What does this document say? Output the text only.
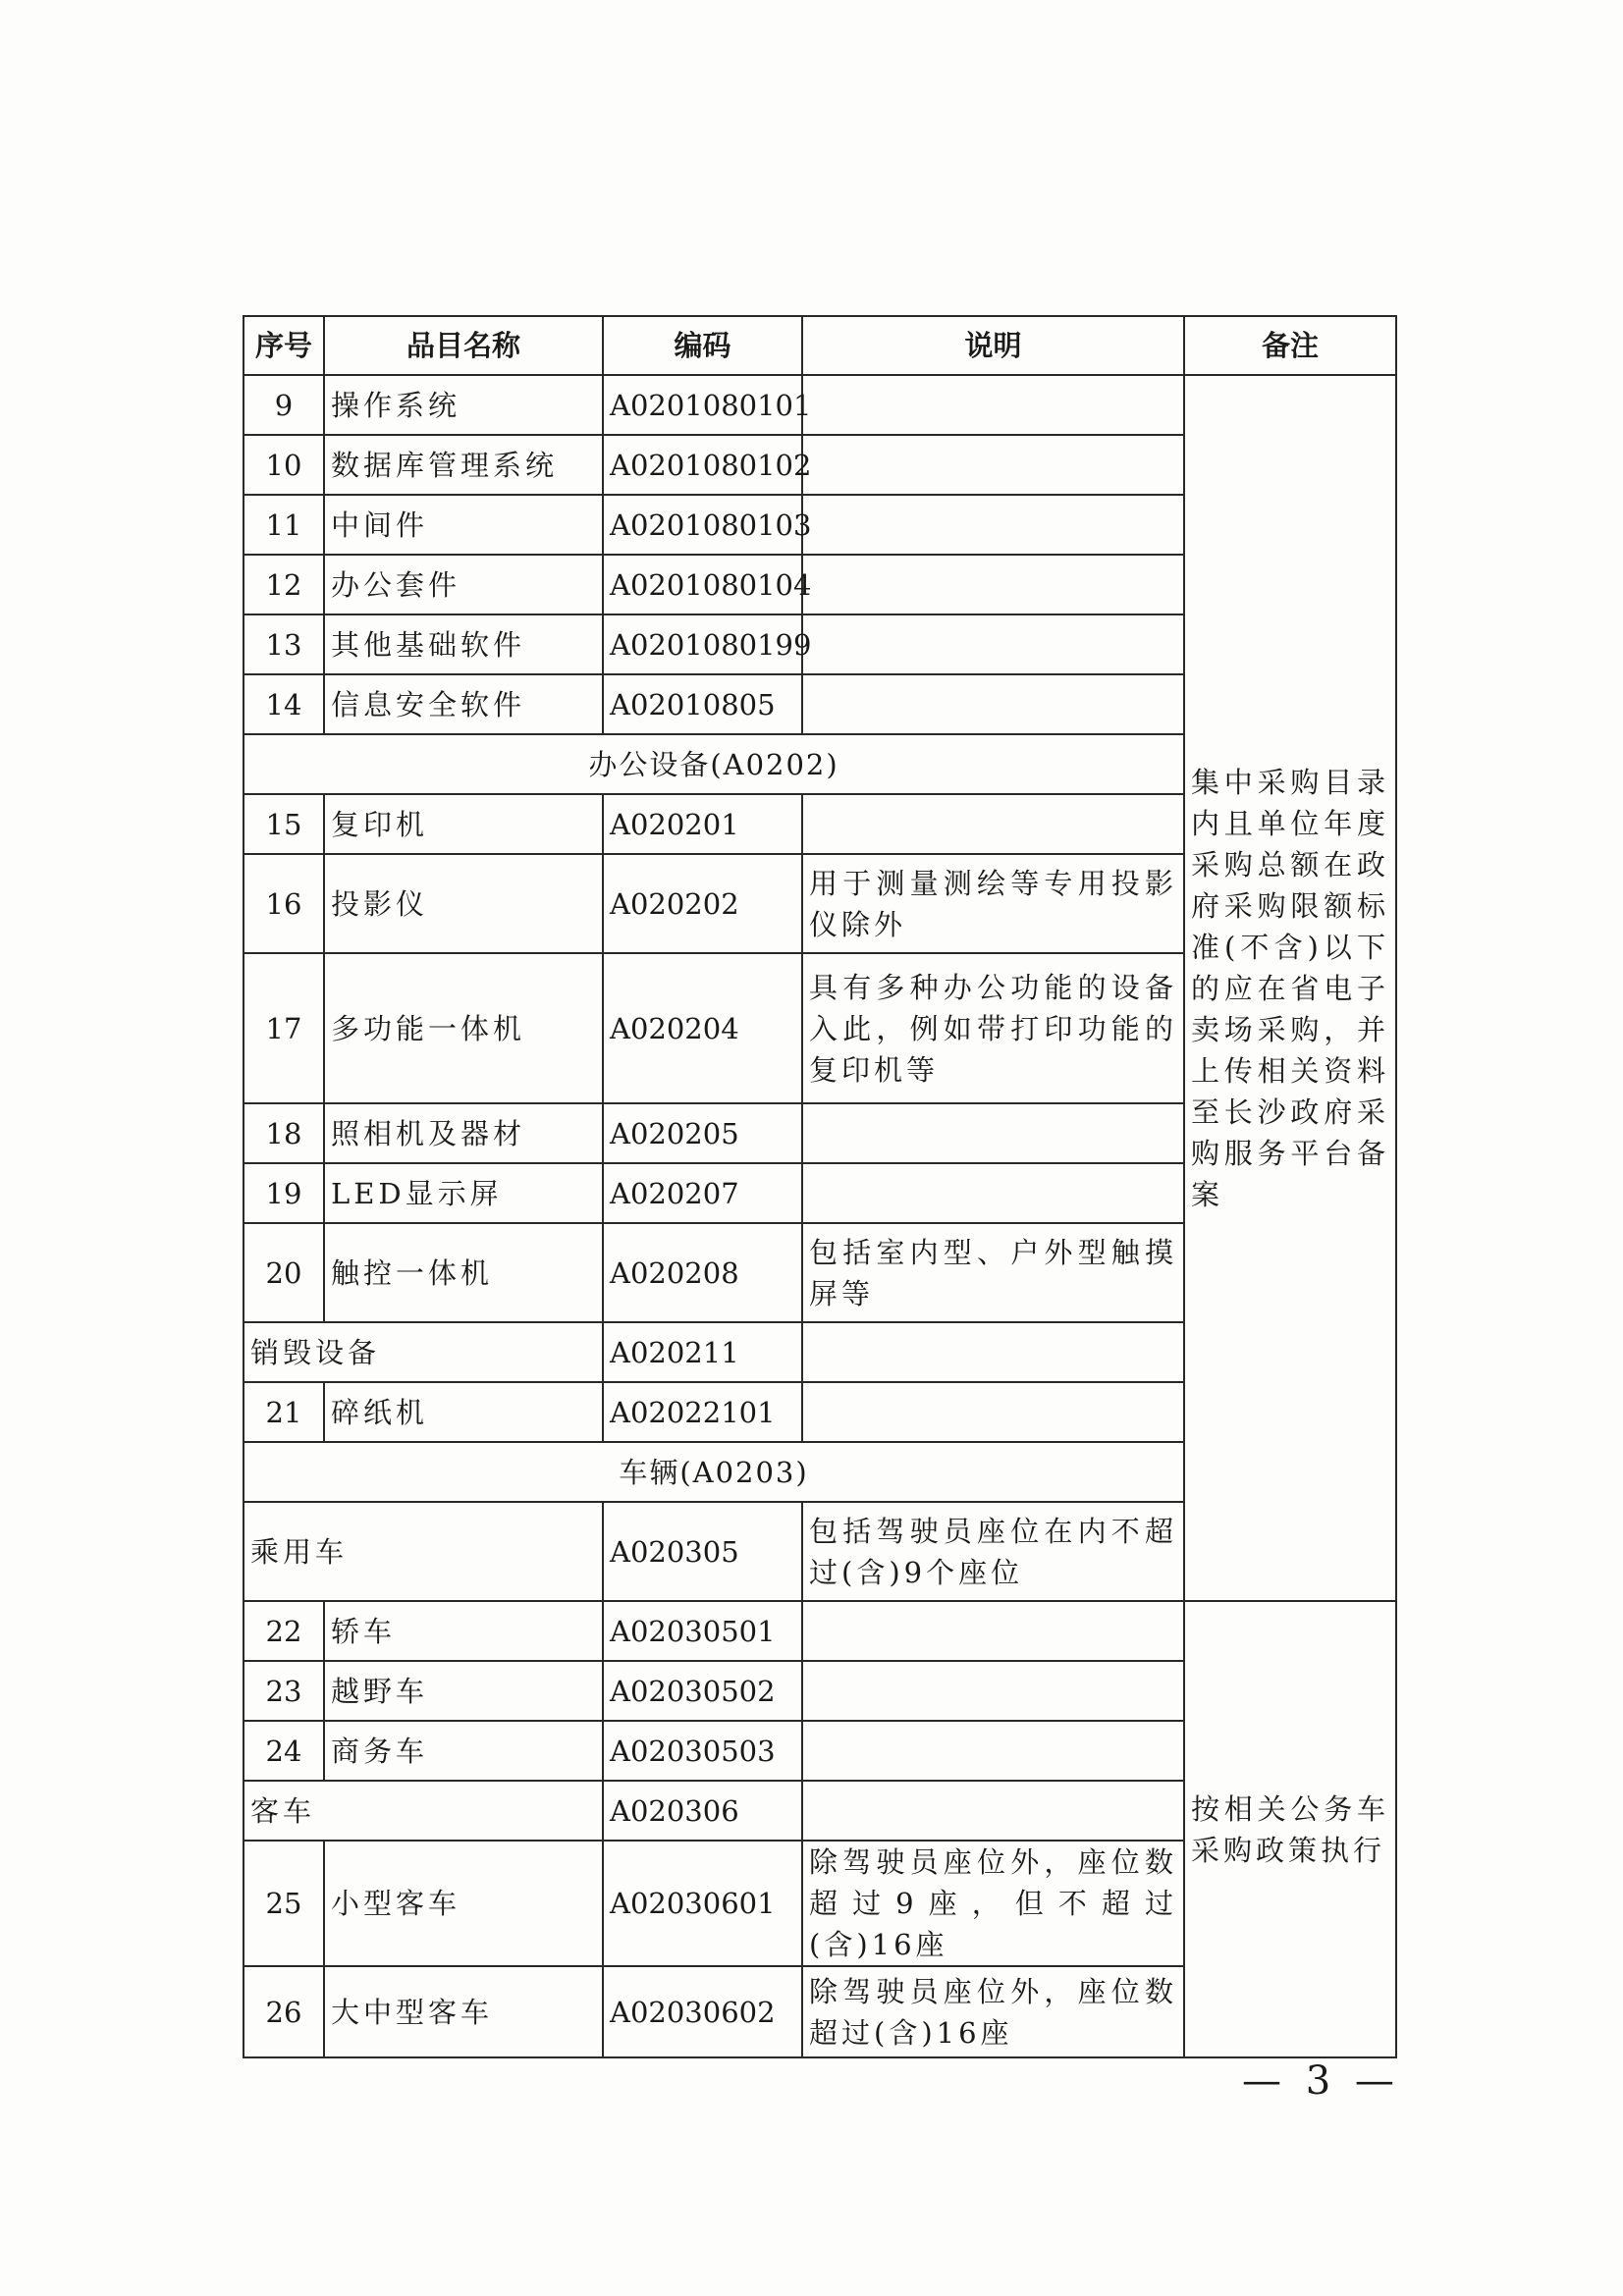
序号	品目名称	编码	说明	备注
9	操作系统	A0201080101		集中采购目录内且单位年度采购总额在政府采购限额标准(不含)以下的应在省电子卖场采购，并上传相关资料至长沙政府采购服务平台备案
10	数据库管理系统	A0201080102		
11	中间件	A0201080103		
12	办公套件	A0201080104		
13	其他基础软件	A0201080199		
14	信息安全软件	A02010805		
办公设备(A0202)				
15	复印机	A020201		
16	投影仪	A020202	用于测量测绘等专用投影仪除外	
17	多功能一体机	A020204	具有多种办公功能的设备入此，例如带打印功能的复印机等	
18	照相机及器材	A020205		
19	LED显示屏	A020207		
20	触控一体机	A020208	包括室内型、户外型触摸屏等	
销毁设备		A020211		
21	碎纸机	A02022101		
车辆(A0203)				
乘用车		A020305	包括驾驶员座位在内不超过(含)9个座位	
22	轿车	A02030501		按相关公务车采购政策执行
23	越野车	A02030502		
24	商务车	A02030503		
客车		A020306		
25	小型客车	A02030601	除驾驶员座位外，座位数超过9座，但不超过(含)16座	
26	大中型客车	A02030602	除驾驶员座位外，座位数超过(含)16座	
— 3 —
